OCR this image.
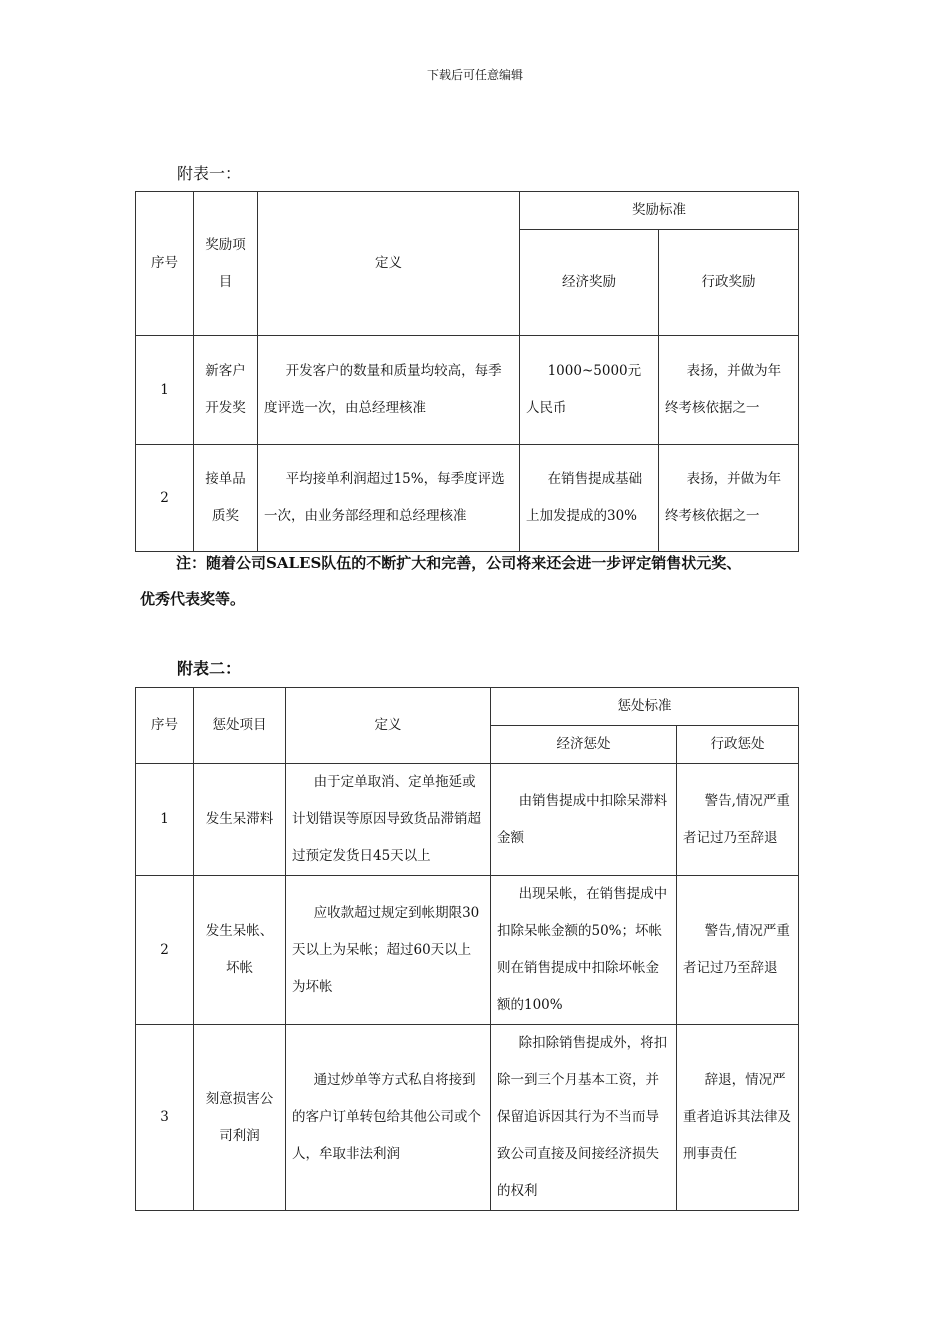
下载后可任意编辑
附表一：
序号	奖励项目	定义	奖励标准	
			经济奖励	行政奖励
1	新客户开发奖	开发客户的数量和质量均较高，每季度评选一次，由总经理核准	1000~5000元人民币	表扬，并做为年终考核依据之一
2	接单品质奖	平均接单利润超过15%，每季度评选一次，由业务部经理和总经理核准	在销售提成基础上加发提成的30%	表扬，并做为年终考核依据之一
注：随着公司SALES队伍的不断扩大和完善，公司将来还会进一步评定销售状元奖、
优秀代表奖等。
附表二：
序号	惩处项目	定义	惩处标准	
			经济惩处	行政惩处
1	发生呆滞料	由于定单取消、定单拖延或计划错误等原因导致货品滞销超过预定发货日45天以上	由销售提成中扣除呆滞料金额	警告,情况严重者记过乃至辞退
2	发生呆帐、坏帐	应收款超过规定到帐期限30天以上为呆帐；超过60天以上为坏帐	出现呆帐，在销售提成中扣除呆帐金额的50%；坏帐则在销售提成中扣除坏帐金额的100%	警告,情况严重者记过乃至辞退
3	刻意损害公司利润	通过炒单等方式私自将接到的客户订单转包给其他公司或个人，牟取非法利润	除扣除销售提成外，将扣除一到三个月基本工资，并保留追诉因其行为不当而导致公司直接及间接经济损失的权利	辞退，情况严重者追诉其法律及刑事责任
